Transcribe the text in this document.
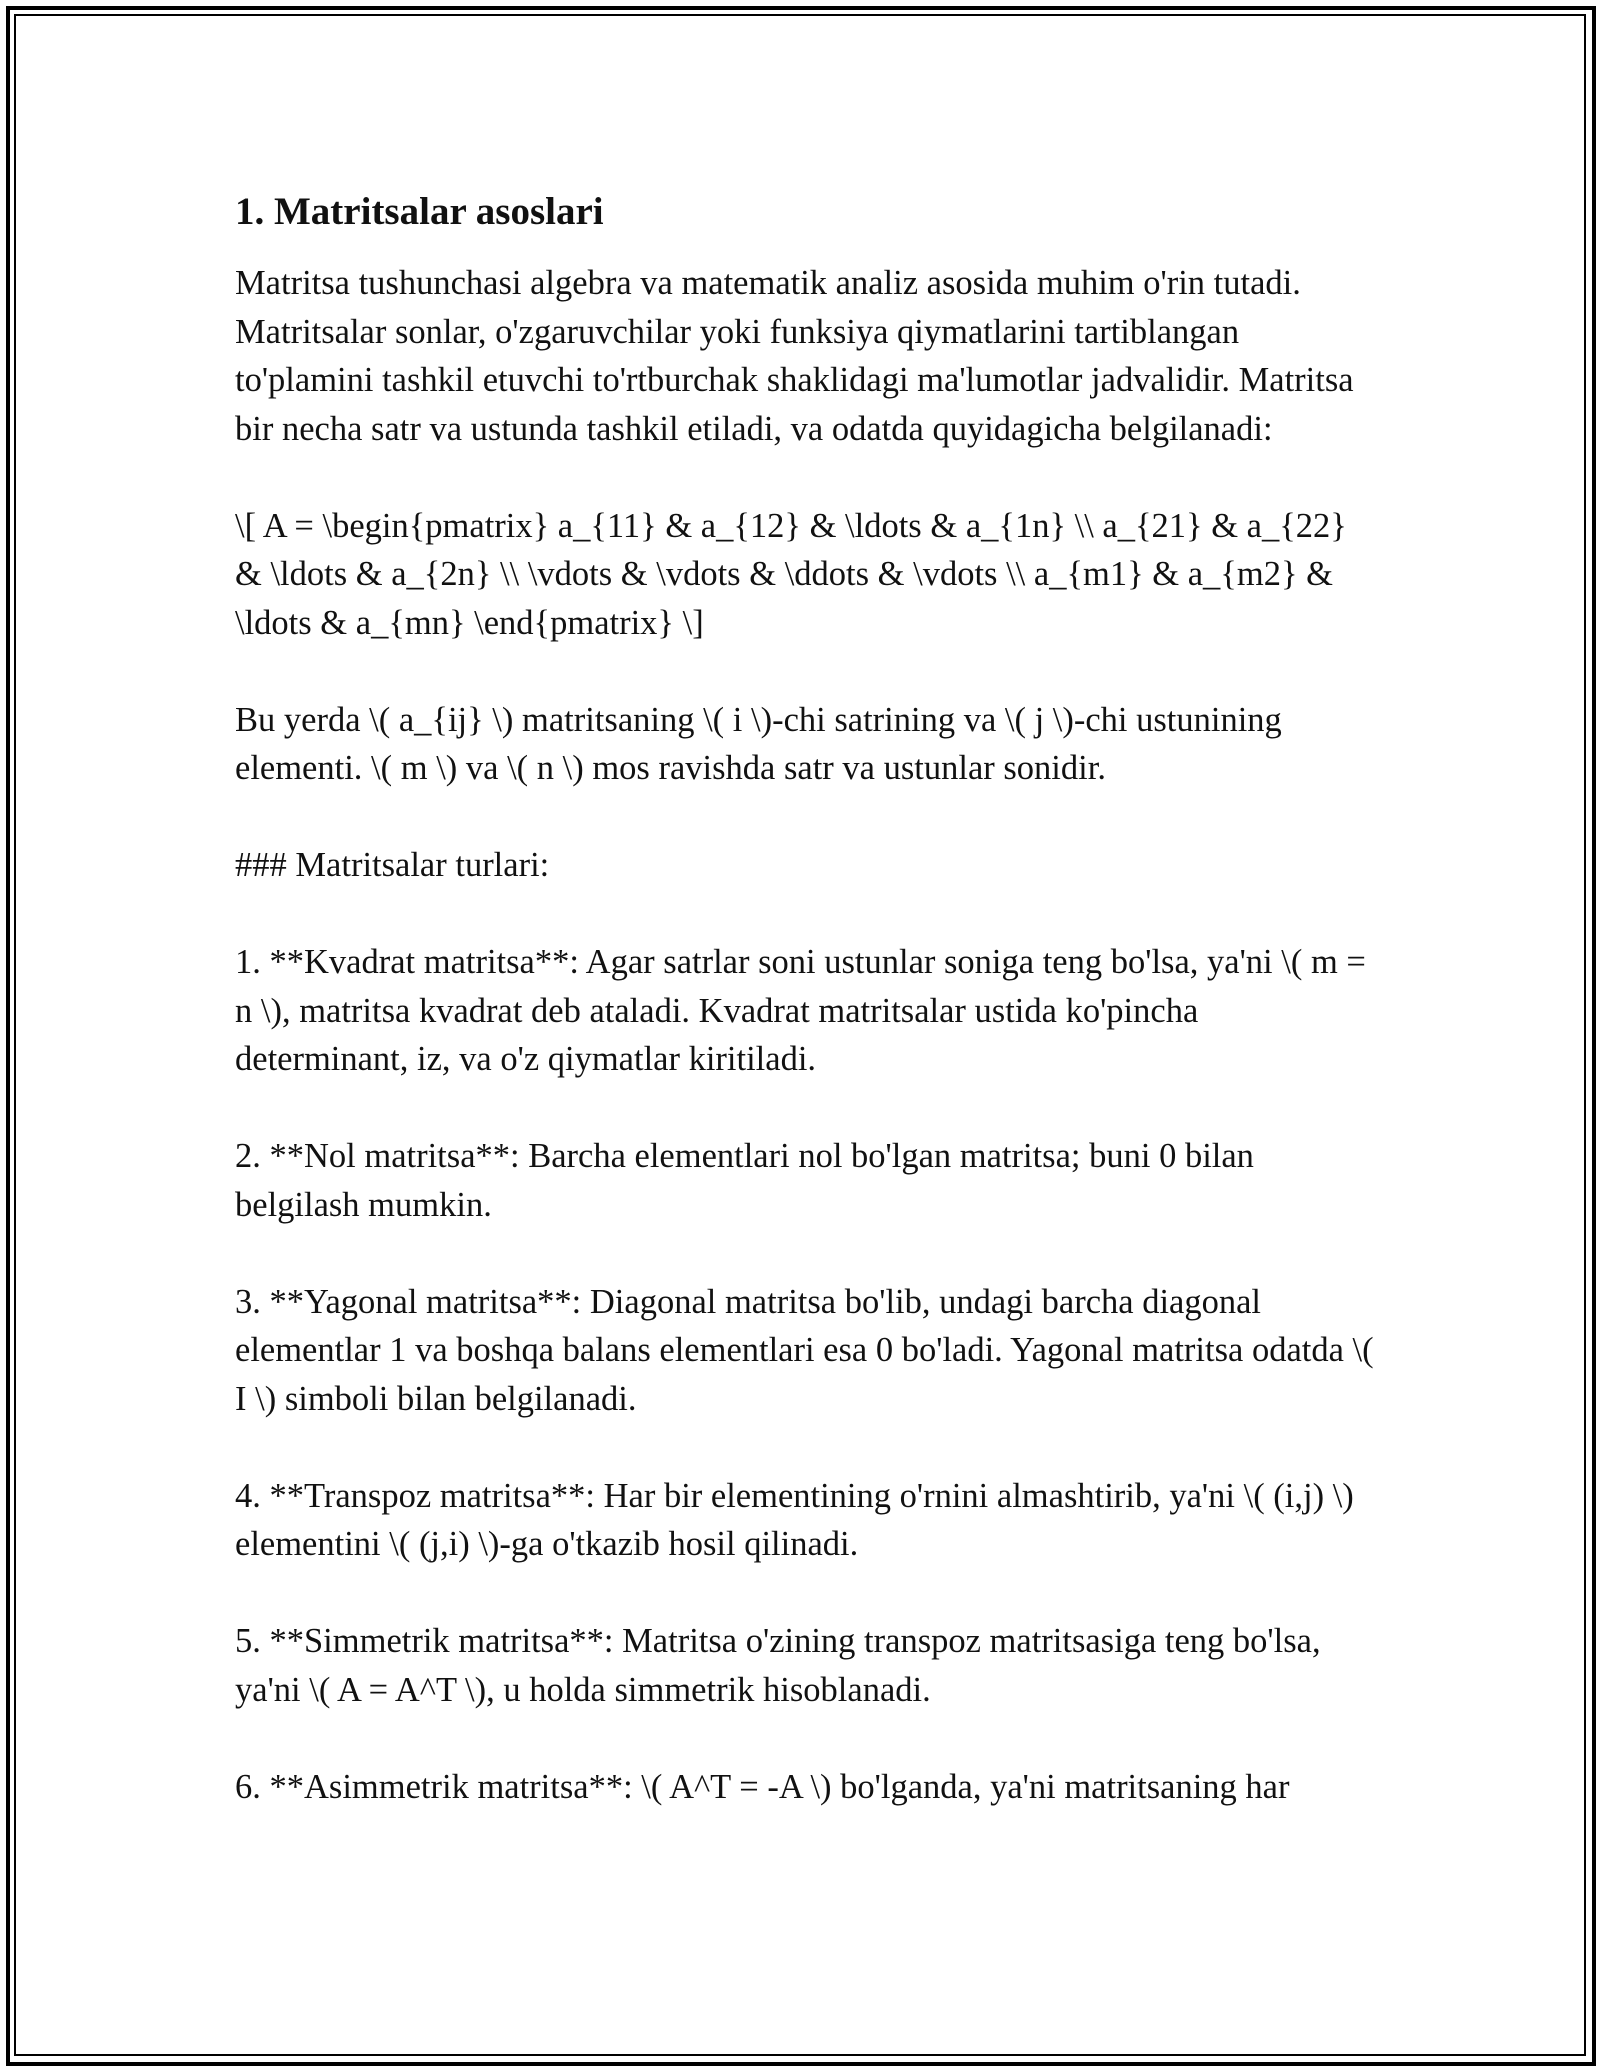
1. Matritsalar asoslari

Matritsa tushunchasi algebra va matematik analiz asosida muhim o'rin tutadi. Matritsalar sonlar, o'zgaruvchilar yoki funksiya qiymatlarini tartiblangan to'plamini tashkil etuvchi to'rtburchak shaklidagi ma'lumotlar jadvalidir. Matritsa bir necha satr va ustunda tashkil etiladi, va odatda quyidagicha belgilanadi:

\[ A = \begin{pmatrix} a_{11} & a_{12} & \ldots & a_{1n} \\ a_{21} & a_{22} & \ldots & a_{2n} \\ \vdots & \vdots & \ddots & \vdots \\ a_{m1} & a_{m2} & \ldots & a_{mn} \end{pmatrix} \]

Bu yerda \( a_{ij} \) matritsaning \( i \)-chi satrining va \( j \)-chi ustunining elementi. \( m \) va \( n \) mos ravishda satr va ustunlar sonidir.

### Matritsalar turlari:

1. **Kvadrat matritsa**: Agar satrlar soni ustunlar soniga teng bo'lsa, ya'ni \( m = n \), matritsa kvadrat deb ataladi. Kvadrat matritsalar ustida ko'pincha determinant, iz, va o'z qiymatlar kiritiladi.

2. **Nol matritsa**: Barcha elementlari nol bo'lgan matritsa; buni 0 bilan belgilash mumkin.

3. **Yagonal matritsa**: Diagonal matritsa bo'lib, undagi barcha diagonal elementlar 1 va boshqa balans elementlari esa 0 bo'ladi. Yagonal matritsa odatda \( I \) simboli bilan belgilanadi.

4. **Transpoz matritsa**: Har bir elementining o'rnini almashtirib, ya'ni \( (i,j) \) elementini \( (j,i) \)-ga o'tkazib hosil qilinadi.

5. **Simmetrik matritsa**: Matritsa o'zining transpoz matritsasiga teng bo'lsa, ya'ni \( A = A^T \), u holda simmetrik hisoblanadi.

6. **Asimmetrik matritsa**: \( A^T = -A \) bo'lganda, ya'ni matritsaning har
